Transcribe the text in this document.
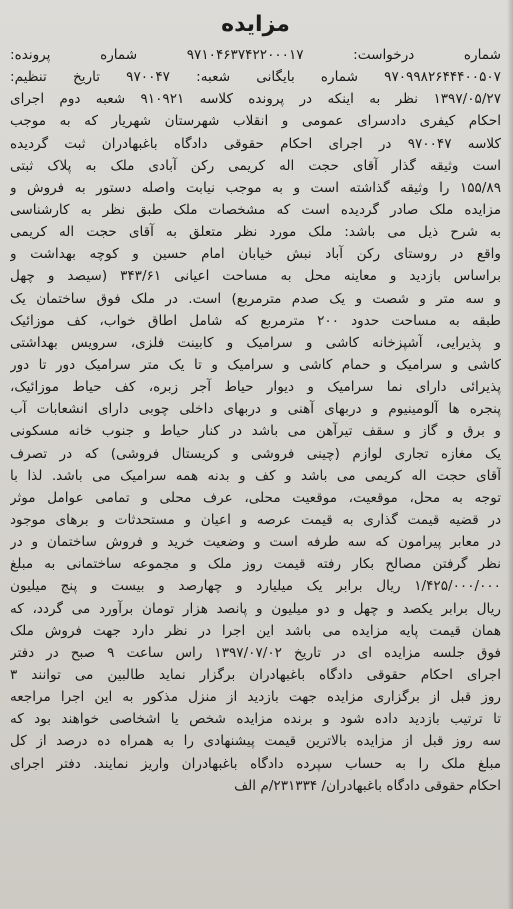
مزایده
شماره درخواست: ۹۷۱۰۴۶۳۷۴۲۲۰۰۰۱۷ شماره پرونده:
۹۷۰۹۹۸۲۶۴۴۴۰۰۵۰۷ شماره بایگانی شعبه: ۹۷۰۰۴۷ تاریخ تنظیم:
۱۳۹۷/۰۵/۲۷ نظر به اینکه در پرونده کلاسه ۹۱۰۹۲۱ شعبه دوم اجرای
احکام کیفری دادسرای عمومی و انقلاب شهرستان شهریار که به موجب
کلاسه ۹۷۰۰۴۷ در اجرای احکام حقوقی دادگاه باغبهادران ثبت گردیده
است وثیقه گذار آقای حجت اله کریمی رکن آبادی ملک به پلاک ثبتی
۱۵۵/۸۹ را وثیقه گذاشته است و به موجب نیابت واصله دستور به فروش و
مزایده ملک صادر گردیده است که مشخصات ملک طبق نظر به کارشناسی
به شرح ذیل می باشد: ملک مورد نظر متعلق به آقای حجت اله کریمی
واقع در روستای رکن آباد نبش خیابان امام حسین و کوچه بهداشت و
براساس بازدید و معاینه محل به مساحت اعیانی ۳۴۳/۶۱ (سیصد و چهل
و سه متر و شصت و یک صدم مترمربع) است. در ملک فوق ساختمان یک
طبقه به مساحت حدود ۲۰۰ مترمربع که شامل اطاق خواب، کف موزائیک
و پذیرایی، آشپزخانه کاشی و سرامیک و کابینت فلزی، سرویس بهداشتی
کاشی و سرامیک و حمام کاشی و سرامیک و تا یک متر سرامیک دور تا دور
پذیرائی دارای نما سرامیک و دیوار حیاط آجر زبره، کف حیاط موزائیک،
پنجره ها آلومینیوم و دربهای آهنی و دربهای داخلی چوبی دارای انشعابات آب
و برق و گاز و سقف تیرآهن می باشد در کنار حیاط و جنوب خانه مسکونی
یک مغازه تجاری لوازم (چینی فروشی و کریستال فروشی) که در تصرف
آقای حجت اله کریمی می باشد و کف و بدنه همه سرامیک می باشد. لذا با
توجه به محل، موقعیت، موقعیت محلی، عرف محلی و تمامی عوامل موثر
در قضیه قیمت گذاری به قیمت عرصه و اعیان و مستحدثات و برهای موجود
در معابر پیرامون که سه طرفه است و وضعیت خرید و فروش ساختمان و در
نظر گرفتن مصالح بکار رفته قیمت روز ملک و مجموعه ساختمانی به مبلغ
۱/۴۲۵/۰۰۰/۰۰۰ ریال برابر یک میلیارد و چهارصد و بیست و پنج میلیون
ریال برابر یکصد و چهل و دو میلیون و پانصد هزار تومان برآورد می گردد، که
همان قیمت پایه مزایده می باشد این اجرا در نظر دارد جهت فروش ملک
فوق جلسه مزایده ای در تاریخ ۱۳۹۷/۰۷/۰۲ راس ساعت ۹ صبح در دفتر
اجرای احکام حقوقی دادگاه باغبهادران برگزار نماید طالبین می توانند ۳
روز قبل از برگزاری مزایده جهت بازدید از منزل مذکور به این اجرا مراجعه
تا ترتیب بازدید داده شود و برنده مزایده شخص یا اشخاصی خواهند بود که
سه روز قبل از مزایده بالاترین قیمت پیشنهادی را به همراه ده درصد از کل
مبلغ ملک را به حساب سپرده دادگاه باغبهادران واریز نمایند. دفتر اجرای
احکام حقوقی دادگاه باغبهادران/ ۲۳۱۳۳۴/م الف
